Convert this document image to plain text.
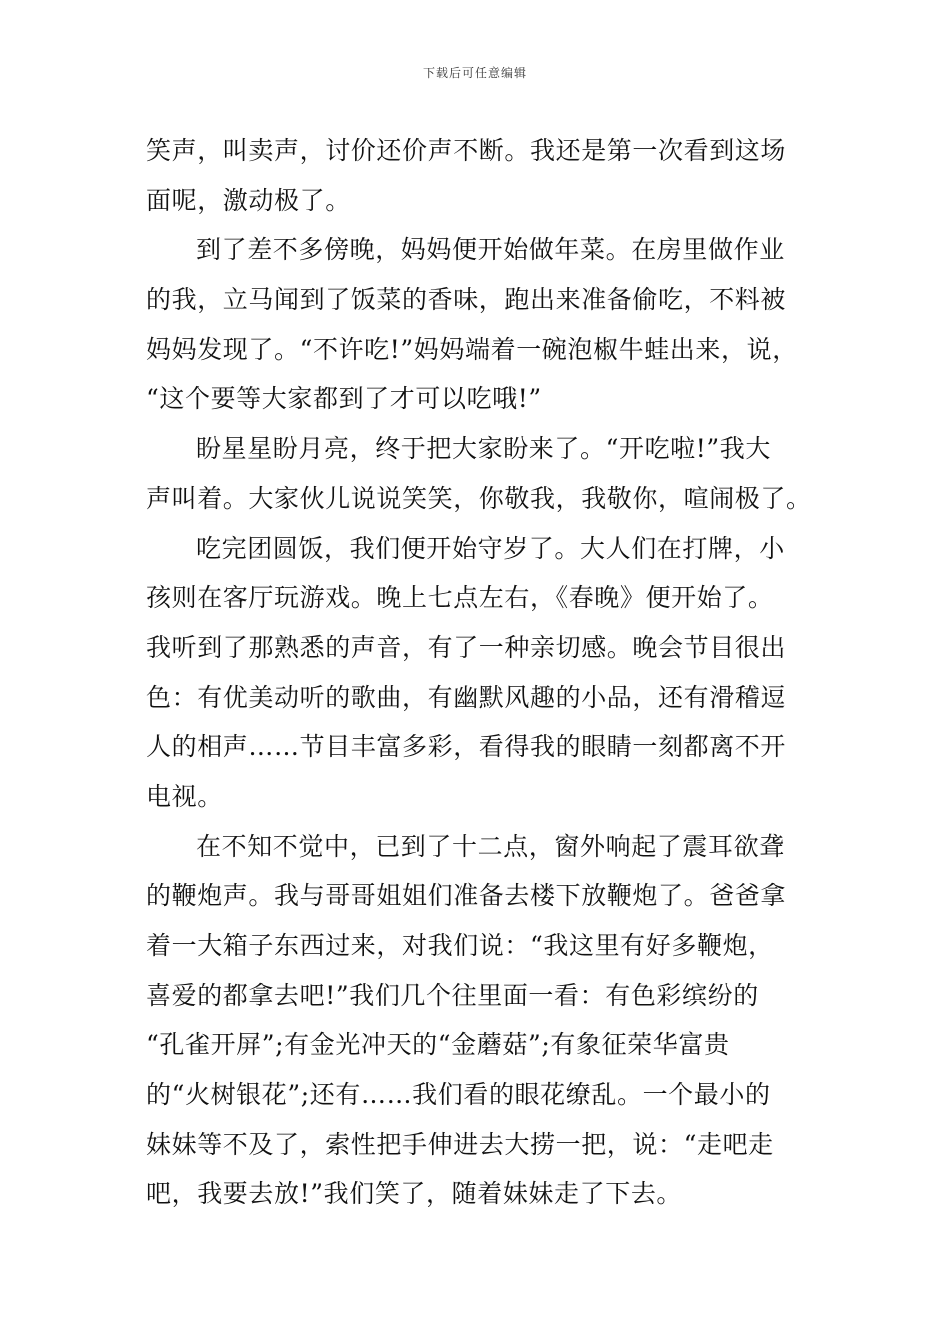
下载后可任意编辑
笑声，叫卖声，讨价还价声不断。我还是第一次看到这场
面呢，激动极了。
到了差不多傍晚，妈妈便开始做年菜。在房里做作业
的我，立马闻到了饭菜的香味，跑出来准备偷吃，不料被
妈妈发现了。“不许吃!”妈妈端着一碗泡椒牛蛙出来，说，
“这个要等大家都到了才可以吃哦!”
盼星星盼月亮，终于把大家盼来了。“开吃啦!”我大
声叫着。大家伙儿说说笑笑，你敬我，我敬你，喧闹极了。
吃完团圆饭，我们便开始守岁了。大人们在打牌，小
孩则在客厅玩游戏。晚上七点左右，《春晚》便开始了。
我听到了那熟悉的声音，有了一种亲切感。晚会节目很出
色：有优美动听的歌曲，有幽默风趣的小品，还有滑稽逗
人的相声……节目丰富多彩，看得我的眼睛一刻都离不开
电视。
在不知不觉中，已到了十二点，窗外响起了震耳欲聋
的鞭炮声。我与哥哥姐姐们准备去楼下放鞭炮了。爸爸拿
着一大箱子东西过来，对我们说：“我这里有好多鞭炮，
喜爱的都拿去吧!”我们几个往里面一看：有色彩缤纷的
“孔雀开屏”;有金光冲天的“金蘑菇”;有象征荣华富贵
的“火树银花”;还有……我们看的眼花缭乱。一个最小的
妹妹等不及了，索性把手伸进去大捞一把，说：“走吧走
吧，我要去放!”我们笑了，随着妹妹走了下去。
